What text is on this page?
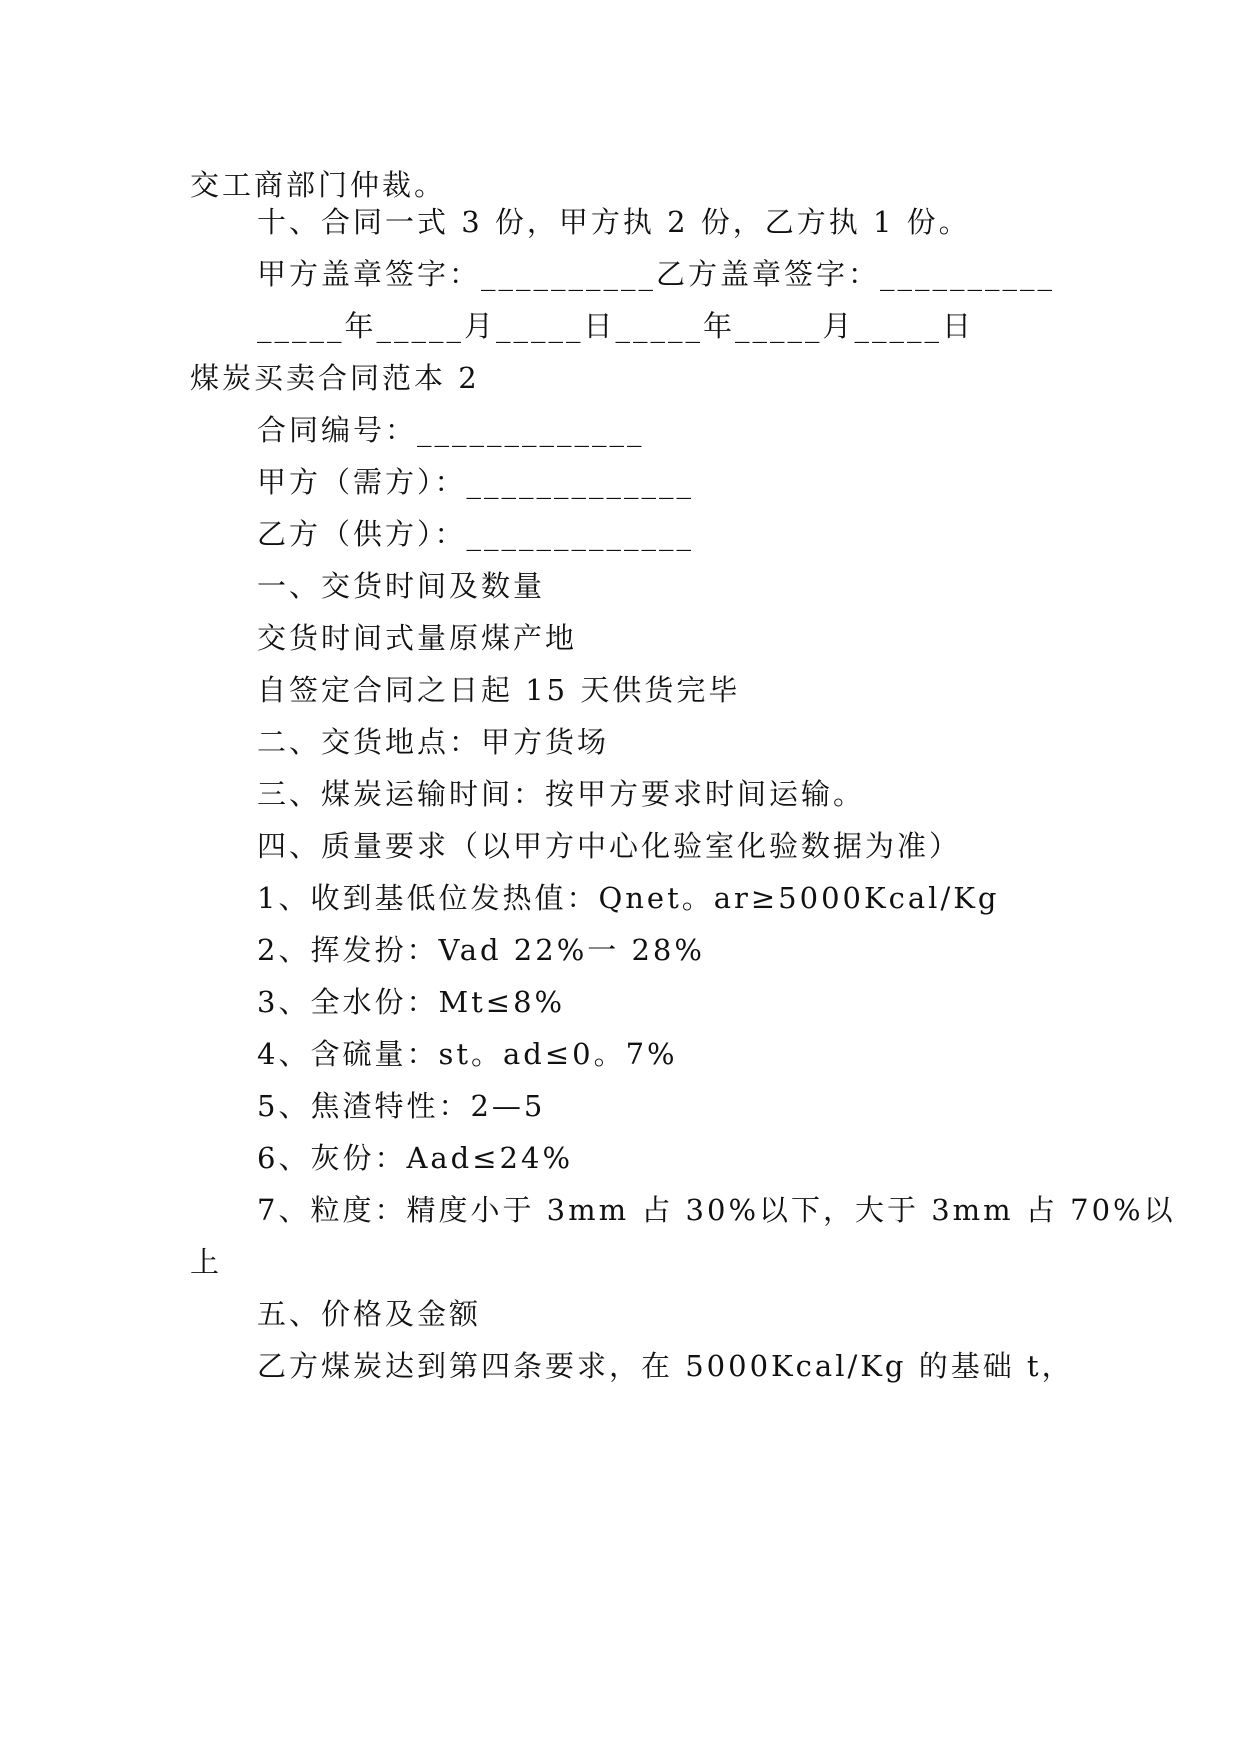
交工商部门仲裁。
十、合同一式 3 份，甲方执 2 份，乙方执 1 份。
甲方盖章签字：__________乙方盖章签字：__________
_____年_____月_____日_____年_____月_____日
煤炭买卖合同范本 2
合同编号：_____________
甲方（需方）：_____________
乙方（供方）：_____________
一、交货时间及数量
交货时间式量原煤产地
自签定合同之日起 15 天供货完毕
二、交货地点：甲方货场
三、煤炭运输时间：按甲方要求时间运输。
四、质量要求（以甲方中心化验室化验数据为准）
1、收到基低位发热值：Qnet。ar≥5000Kcal/Kg
2、挥发扮：Vad 22%一 28%
3、全水份：Mt≤8%
4、含硫量：st。ad≤0。7%
5、焦渣特性：2—5
6、灰份：Aad≤24%
7、粒度：精度小于 3mm 占 30%以下，大于 3mm 占 70%以
上
五、价格及金额
乙方煤炭达到第四条要求，在 5000Kcal/Kg 的基础 t，
